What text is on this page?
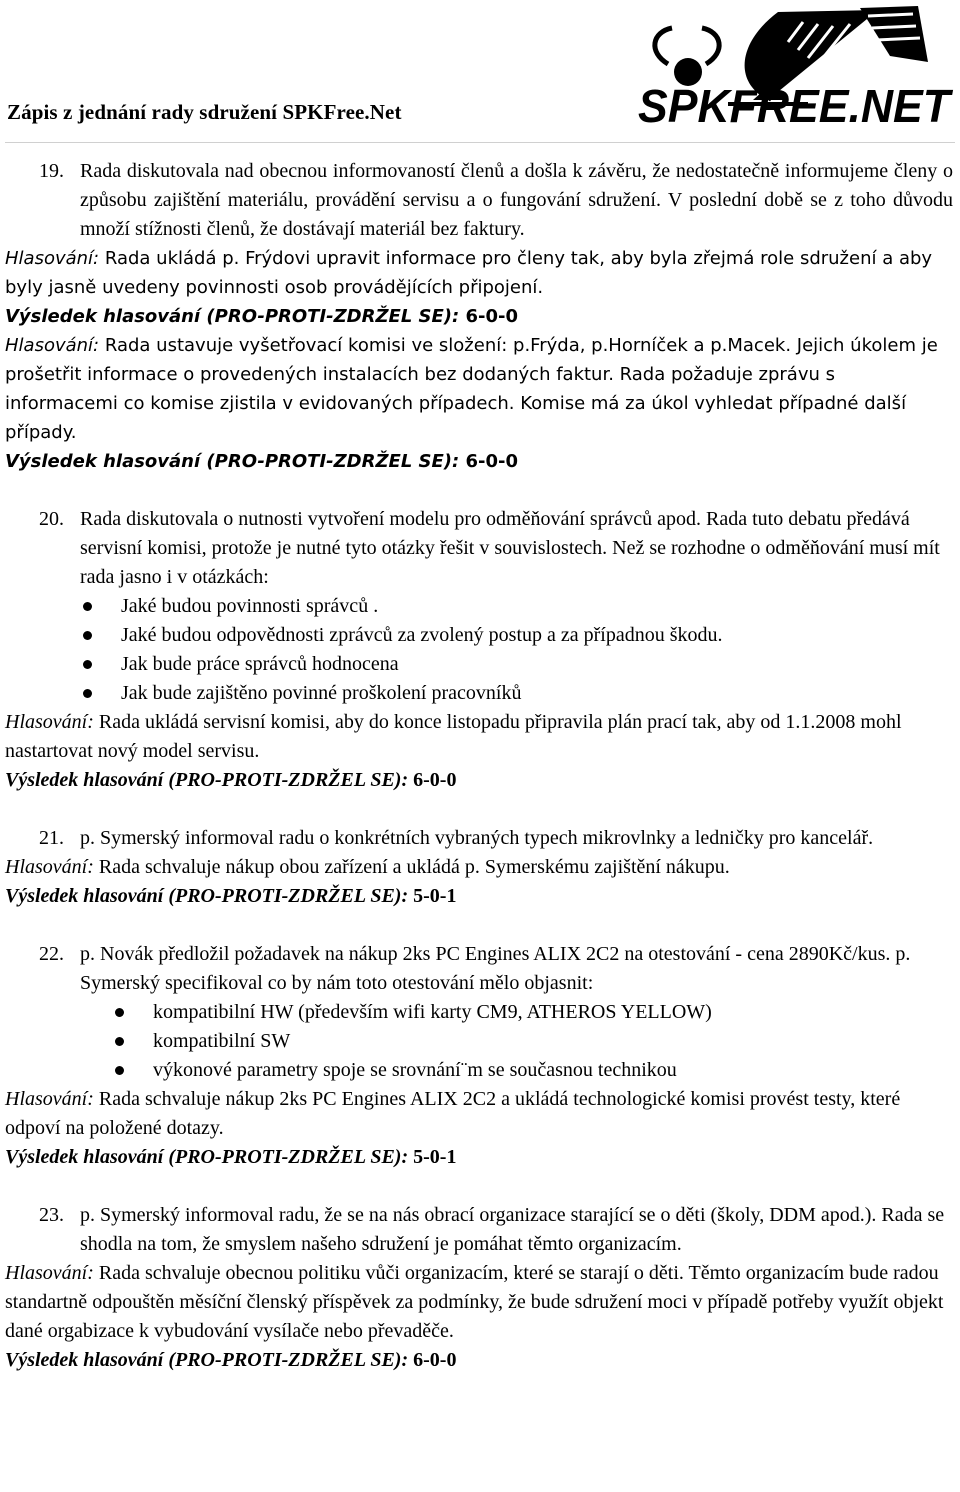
Zápis z jednání rady sdružení SPKFree.Net	SPKFREE.NET
19. Rada diskutovala nad obecnou informovaností členů a došla k závěru, že nedostatečně informujeme členy o způsobu zajištění materiálu, provádění servisu a o fungování sdružení. V poslední době se z toho důvodu množí stížnosti členů, že dostávají materiál bez faktury.

Hlasování: Rada ukládá p. Frýdovi upravit informace pro členy tak, aby byla zřejmá role sdružení a aby byly jasně uvedeny povinnosti osob provádějících připojení.

Výsledek hlasování (PRO-PROTI-ZDRŽEL SE): 6-0-0

Hlasování: Rada ustavuje vyšetřovací komisi ve složení: p.Frýda, p.Horníček a p.Macek. Jejich úkolem je prošetřit informace o provedených instalacích bez dodaných faktur. Rada požaduje zprávu s informacemi co komise zjistila v evidovaných případech. Komise má za úkol vyhledat případné další případy.

Výsledek hlasování (PRO-PROTI-ZDRŽEL SE): 6-0-0

20. Rada diskutovala o nutnosti vytvoření modelu pro odměňování správců apod. Rada tuto debatu předává servisní komisi, protože je nutné tyto otázky řešit v souvislostech. Než se rozhodne o odměňování musí mít rada jasno i v otázkách:

Jaké budou povinnosti správců .
Jaké budou odpovědnosti zprávců za zvolený postup a za případnou škodu.
Jak bude práce správců hodnocena
Jak bude zajištěno povinné proškolení pracovníků

Hlasování: Rada ukládá servisní komisi, aby do konce listopadu připravila plán prací tak, aby od 1.1.2008 mohl nastartovat nový model servisu.

Výsledek hlasování (PRO-PROTI-ZDRŽEL SE): 6-0-0

21. p. Symerský informoval radu o konkrétních vybraných typech mikrovlnky a ledničky pro kancelář.

Hlasování: Rada schvaluje nákup obou zařízení a ukládá p. Symerskému zajištění nákupu.

Výsledek hlasování (PRO-PROTI-ZDRŽEL SE): 5-0-1

22. p. Novák předložil požadavek na nákup 2ks PC Engines ALIX 2C2 na otestování - cena 2890Kč/kus. p. Symerský specifikoval co by nám toto otestování mělo objasnit:

kompatibilní HW (především wifi karty CM9, ATHEROS YELLOW)
kompatibilní SW
výkonové parametry spoje se srovnání¨m se současnou technikou

Hlasování: Rada schvaluje nákup 2ks PC Engines ALIX 2C2 a ukládá technologické komisi provést testy, které odpoví na položené dotazy.

Výsledek hlasování (PRO-PROTI-ZDRŽEL SE): 5-0-1

23. p. Symerský informoval radu, že se na nás obrací organizace starající se o děti (školy, DDM apod.). Rada se shodla na tom, že smyslem našeho sdružení je pomáhat těmto organizacím.

Hlasování: Rada schvaluje obecnou politiku vůči organizacím, které se starají o děti. Těmto organizacím bude radou standartně odpouštěn měsíční členský příspěvek za podmínky, že bude sdružení moci v případě potřeby využít objekt dané orgabizace k vybudování vysílače nebo převaděče.

Výsledek hlasování (PRO-PROTI-ZDRŽEL SE): 6-0-0
